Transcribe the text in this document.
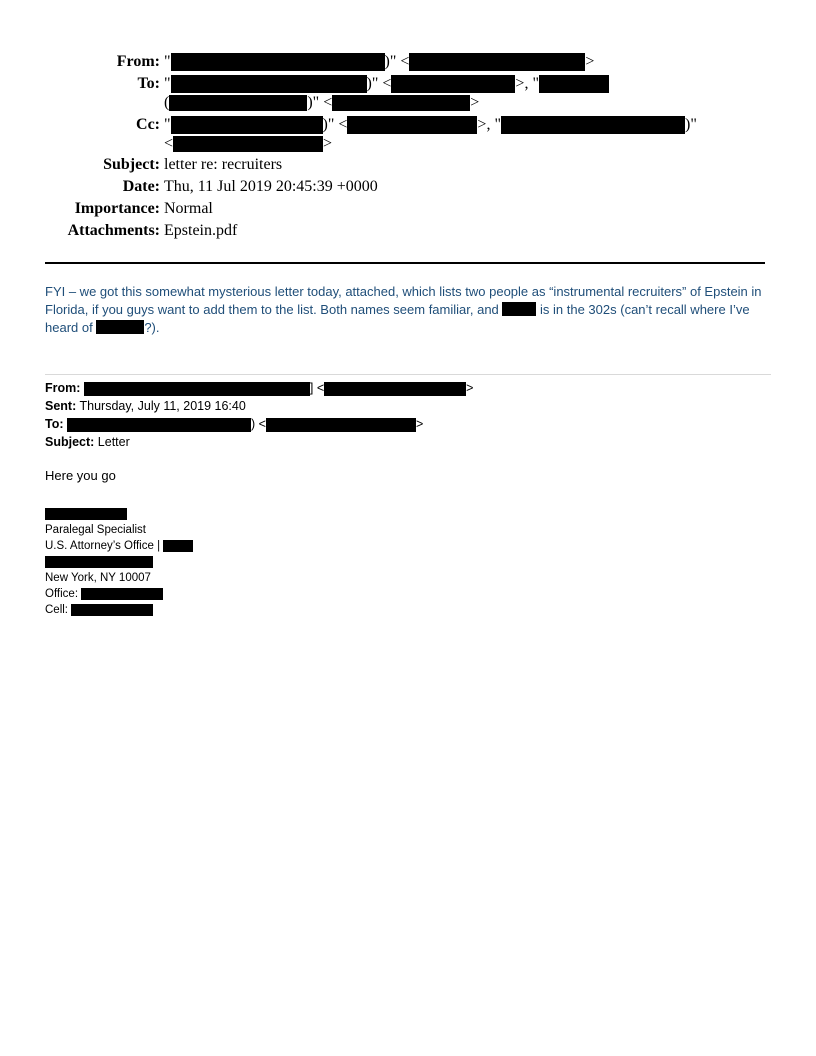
From: "	)" <	>
To: "	)" <	>, "
(	)" <	>
Cc: "	)" <	>, "	)"
<	>
Subject: letter re: recruiters
Date: Thu, 11 Jul 2019 20:45:39 +0000
Importance: Normal
Attachments: Epstein.pdf
FYI – we got this somewhat mysterious letter today, attached, which lists two people as “instrumental recruiters” of Epstein in Florida, if you guys want to add them to the list. Both names seem familiar, and	is in the 302s (can’t recall where I’ve heard of	?).
From:	] <	>
Sent: Thursday, July 11, 2019 16:40
To:	) <	>
Subject: Letter
Here you go
Paralegal Specialist
U.S. Attorney’s Office |
New York, NY 10007
Office:
Cell:
